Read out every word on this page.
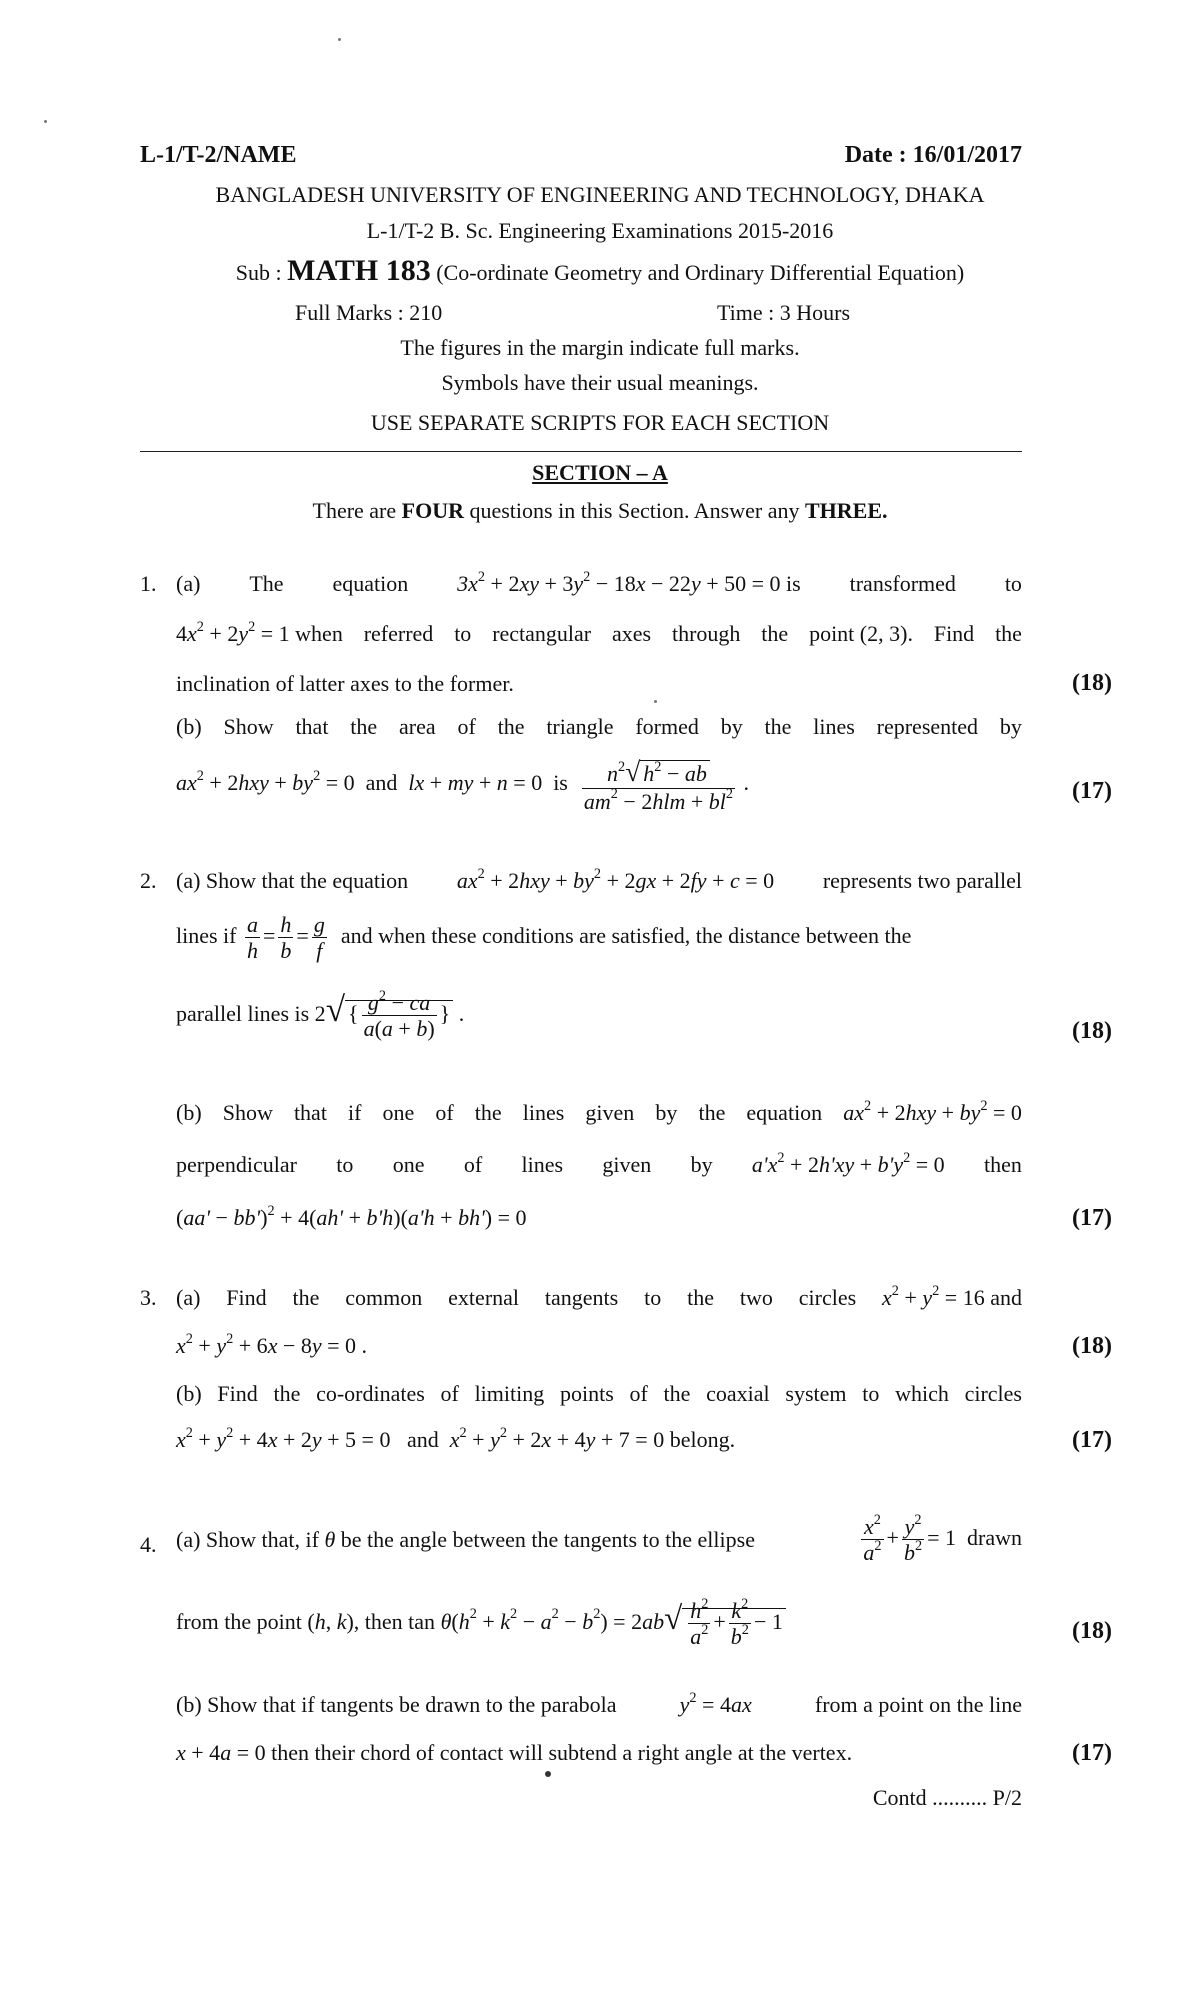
L-1/T-2/NAME	Date : 16/01/2017
BANGLADESH UNIVERSITY OF ENGINEERING AND TECHNOLOGY, DHAKA
L-1/T-2 B. Sc. Engineering Examinations 2015-2016
Sub : MATH 183 (Co-ordinate Geometry and Ordinary Differential Equation)
Full Marks : 210	Time : 3 Hours
The figures in the margin indicate full marks.
Symbols have their usual meanings.
USE SEPARATE SCRIPTS FOR EACH SECTION
SECTION – A
There are FOUR questions in this Section. Answer any THREE.
1. (a) The equation $3x^2 + 2xy + 3y^2 - 18x - 22y + 50 = 0$ is transformed to
$4x^2 + 2y^2 = 1$ when referred to rectangular axes through the point (2, 3). Find the
inclination of latter axes to the former.	(18)
(b) Show that the area of the triangle formed by the lines represented by
$ax^2 + 2hxy + by^2 = 0$  and  lx + my + n = 0  is $\frac{n^2√ h^2 - ab}{am^2 - 2hlm + bl^2}$ .	(17)
2. (a) Show that the equation $ax^2 + 2hxy + by^2 + 2gx + 2fy + c = 0$ represents two parallel
lines if $\frac{a}{h} = \frac{h}{b} = \frac{g}{f}$ and when these conditions are satisfied, the distance between the
parallel lines is 2√ { $\frac{g^2 - ca}{a(a + b)}$ } .
(18)
(b) Show that if one of the lines given by the equation $ax^2 + 2hxy + by^2 = 0$
perpendicular to one of lines given by $a'x^2 + 2h'xy + b'y^2 = 0$ then
$(aa' - bb')^2 + 4(ah' + b'h)(a'h + bh') = 0$	(17)
3. (a) Find the common external tangents to the two circles $x^2 + y^2 = 16$ and
$x^2 + y^2 + 6x - 8y = 0$ .	(18)
(b) Find the co-ordinates of limiting points of the coaxial system to which circles
$x^2 + y^2 + 4x + 2y + 5 = 0$   and  $x^2 + y^2 + 2x + 4y + 7 = 0$ belong.	(17)
4. (a) Show that, if θ be the angle between the tangents to the ellipse	$\frac{x^2}{a^2} + \frac{y^2}{b^2} = 1$  drawn
from the point (h, k), then $\tan \theta(h^2 + k^2 - a^2 - b^2) = 2ab√ \frac{h^2}{a^2} + \frac{k^2}{b^2} - 1$	(18)
(b) Show that if tangents be drawn to the parabola	$y^2 = 4ax$	from a point on the line
x + 4a = 0 then their chord of contact will subtend a right angle at the vertex.	(17)
Contd .......... P/2
